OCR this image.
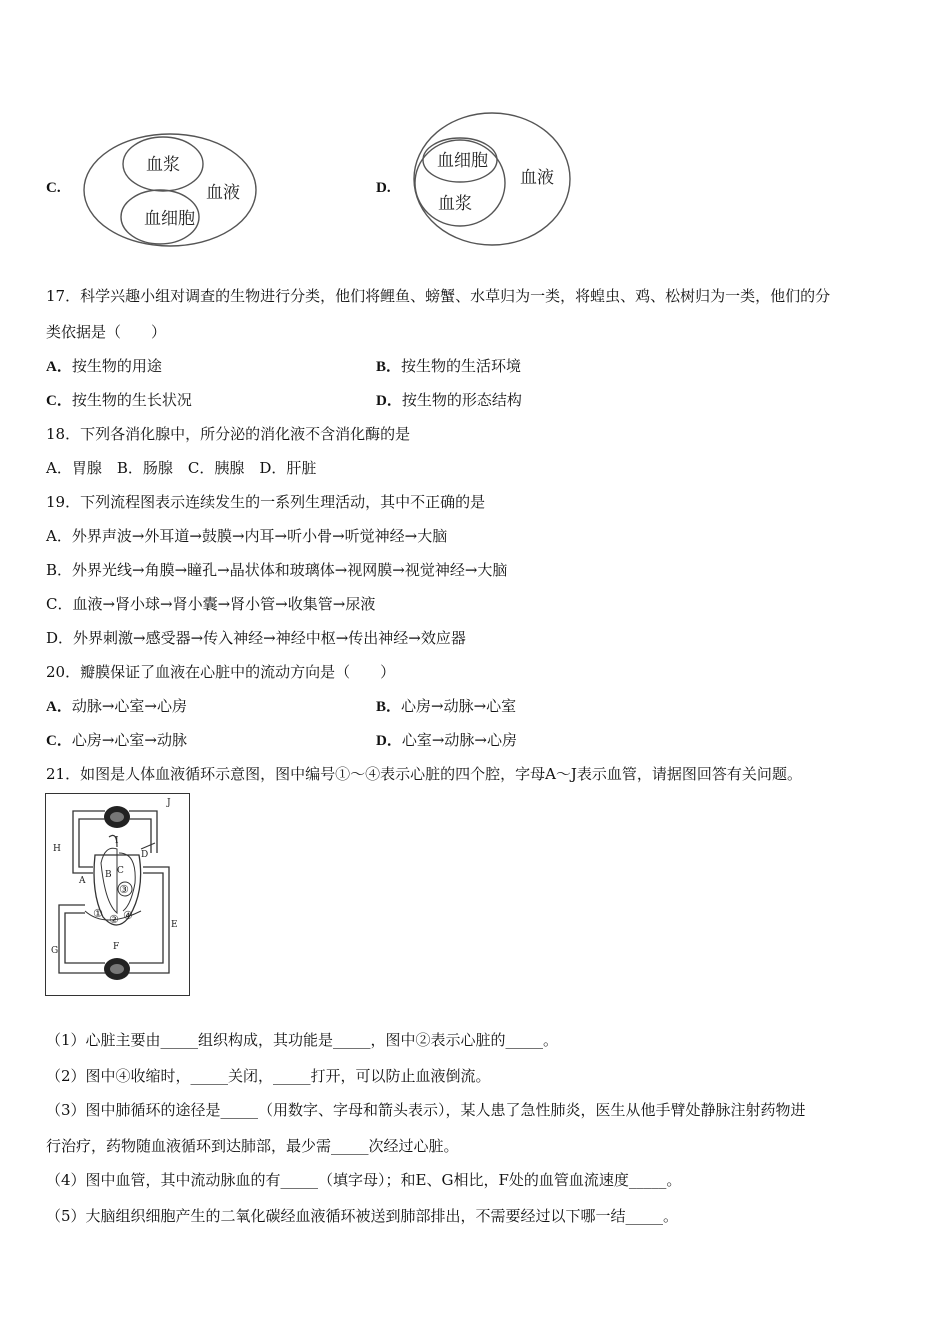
C.
血浆
血细胞
血液	D.
血细胞
血浆
血液
17．科学兴趣小组对调查的生物进行分类，他们将鲤鱼、螃蟹、水草归为一类，将蝗虫、鸡、松树归为一类，他们的分
类依据是（　　）
A．按生物的用途	B．按生物的生活环境
C．按生物的生长状况	D．按生物的形态结构
18．下列各消化腺中，所分泌的消化液不含消化酶的是
A．胃腺　B．肠腺　C．胰腺　D．肝脏
19．下列流程图表示连续发生的一系列生理活动，其中不正确的是
A．外界声波→外耳道→鼓膜→内耳→听小骨→听觉神经→大脑
B．外界光线→角膜→瞳孔→晶状体和玻璃体→视网膜→视觉神经→大脑
C．血液→肾小球→肾小囊→肾小管→收集管→尿液
D．外界刺激→感受器→传入神经→神经中枢→传出神经→效应器
20．瓣膜保证了血液在心脏中的流动方向是（　　）
A．动脉→心室→心房	B．心房→动脉→心室
C．心房→心室→动脉	D．心室→动脉→心房
21．如图是人体血液循环示意图，图中编号①～④表示心脏的四个腔，字母A～J表示血管，请据图回答有关问题。
J
H
I
D
A
B C
E
G	F
① ②
③
④
（1）心脏主要由_____组织构成，其功能是_____，图中②表示心脏的_____。
（2）图中④收缩时，_____关闭，_____打开，可以防止血液倒流。
（3）图中肺循环的途径是_____（用数字、字母和箭头表示），某人患了急性肺炎，医生从他手臂处静脉注射药物进
行治疗，药物随血液循环到达肺部，最少需_____次经过心脏。
（4）图中血管，其中流动脉血的有_____（填字母）；和E、G相比，F处的血管血流速度_____。
（5）大脑组织细胞产生的二氧化碳经血液循环被送到肺部排出，不需要经过以下哪一结_____。
